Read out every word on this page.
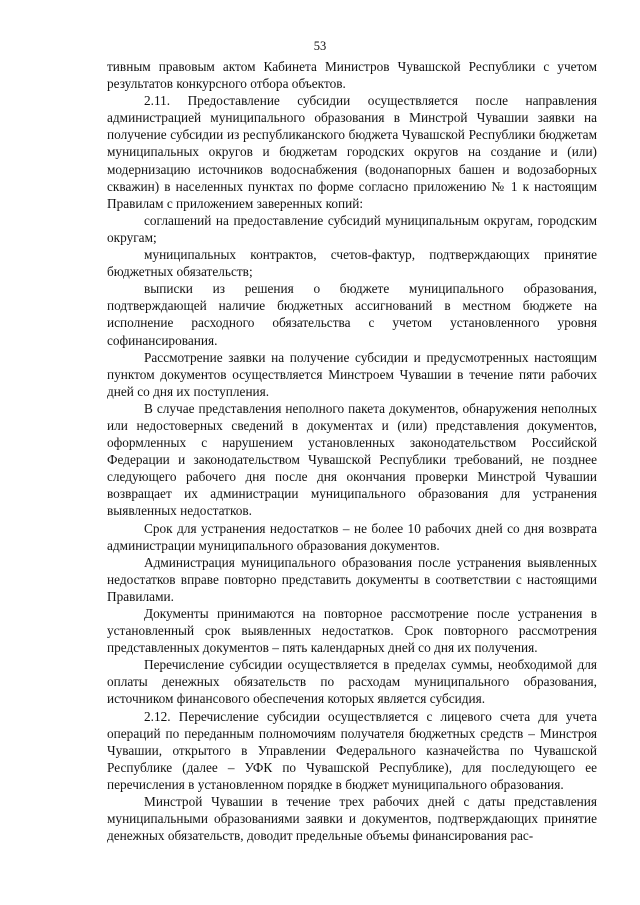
53

тивным правовым актом Кабинета Министров Чувашской Республики с учетом результатов конкурсного отбора объектов.

2.11. Предоставление субсидии осуществляется после направления администрацией муниципального образования в Минстрой Чувашии заявки на получение субсидии из республиканского бюджета Чувашской Республики бюджетам муниципальных округов и бюджетам городских округов на создание и (или) модернизацию источников водоснабжения (водонапорных башен и водозаборных скважин) в населенных пунктах по форме согласно приложению № 1 к настоящим Правилам с приложением заверенных копий:

соглашений на предоставление субсидий муниципальным округам, городским округам;

муниципальных контрактов, счетов-фактур, подтверждающих принятие бюджетных обязательств;

выписки из решения о бюджете муниципального образования, подтверждающей наличие бюджетных ассигнований в местном бюджете на исполнение расходного обязательства с учетом установленного уровня софинансирования.

Рассмотрение заявки на получение субсидии и предусмотренных настоящим пунктом документов осуществляется Минстроем Чувашии в течение пяти рабочих дней со дня их поступления.

В случае представления неполного пакета документов, обнаружения неполных или недостоверных сведений в документах и (или) представления документов, оформленных с нарушением установленных законодательством Российской Федерации и законодательством Чувашской Республики требований, не позднее следующего рабочего дня после дня окончания проверки Минстрой Чувашии возвращает их администрации муниципального образования для устранения выявленных недостатков.

Срок для устранения недостатков – не более 10 рабочих дней со дня возврата администрации муниципального образования документов.

Администрация муниципального образования после устранения выявленных недостатков вправе повторно представить документы в соответствии с настоящими Правилами.

Документы принимаются на повторное рассмотрение после устранения в установленный срок выявленных недостатков. Срок повторного рассмотрения представленных документов – пять календарных дней со дня их получения.

Перечисление субсидии осуществляется в пределах суммы, необходимой для оплаты денежных обязательств по расходам муниципального образования, источником финансового обеспечения которых является субсидия.

2.12. Перечисление субсидии осуществляется с лицевого счета для учета операций по переданным полномочиям получателя бюджетных средств – Минстроя Чувашии, открытого в Управлении Федерального казначейства по Чувашской Республике (далее – УФК по Чувашской Республике), для последующего ее перечисления в установленном порядке в бюджет муниципального образования.

Минстрой Чувашии в течение трех рабочих дней с даты представления муниципальными образованиями заявки и документов, подтверждающих принятие денежных обязательств, доводит предельные объемы финансирования рас-
